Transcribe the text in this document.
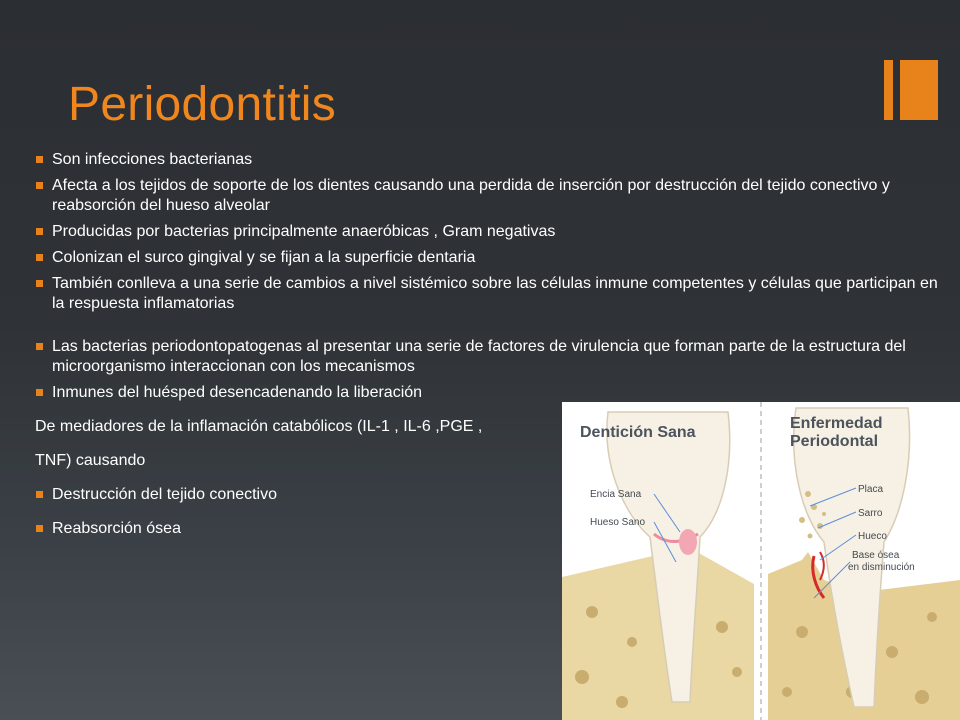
Periodontitis

Son infecciones bacterianas

Afecta a los tejidos de soporte de los dientes causando una perdida de inserción por destrucción del tejido conectivo y reabsorción del hueso alveolar

Producidas por bacterias principalmente anaeróbicas , Gram negativas

Colonizan el surco gingival y se fijan a la superficie dentaria

También conlleva a una serie de cambios a nivel sistémico sobre las células inmune competentes y células que participan en la respuesta inflamatorias

Las bacterias periodontopatogenas al presentar una serie de factores de virulencia que forman parte de la estructura del microorganismo interaccionan con los mecanismos

Inmunes del huésped desencadenando la liberación

De mediadores de la inflamación catabólicos (IL-1 , IL-6 ,PGE ,

TNF) causando

Destrucción del tejido conectivo

Reabsorción ósea

Dentición Sana
Enfermedad
Periodontal
Encia Sana
Hueso Sano
Placa
Sarro
Hueco
Base ósea
en disminución
